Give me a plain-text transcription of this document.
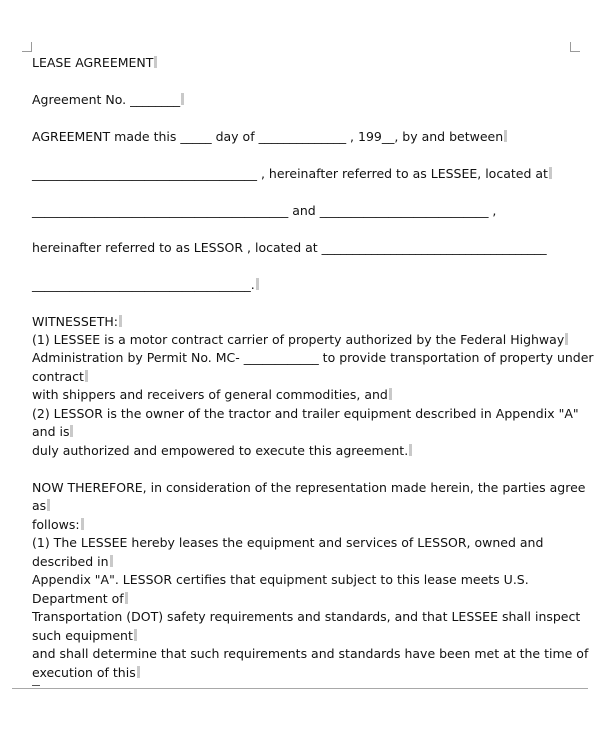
LEASE AGREEMENT
Agreement No. ________
AGREEMENT made this _____ day of ______________ , 199__, by and between
____________________________________ , hereinafter referred to as LESSEE, located at
_________________________________________ and ___________________________ ,
hereinafter referred to as LESSOR , located at ____________________________________
___________________________________.
WITNESSETH:
(1) LESSEE is a motor contract carrier of property authorized by the Federal Highway
Administration by Permit No. MC- ____________ to provide transportation of property under
contract
with shippers and receivers of general commodities, and
(2) LESSOR is the owner of the tractor and trailer equipment described in Appendix "A"
and is
duly authorized and empowered to execute this agreement.
NOW THEREFORE, in consideration of the representation made herein, the parties agree
as
follows:
(1) The LESSEE hereby leases the equipment and services of LESSOR, owned and
described in
Appendix "A". LESSOR certifies that equipment subject to this lease meets U.S.
Department of
Transportation (DOT) safety requirements and standards, and that LESSEE shall inspect
such equipment
and shall determine that such requirements and standards have been met at the time of
execution of this
